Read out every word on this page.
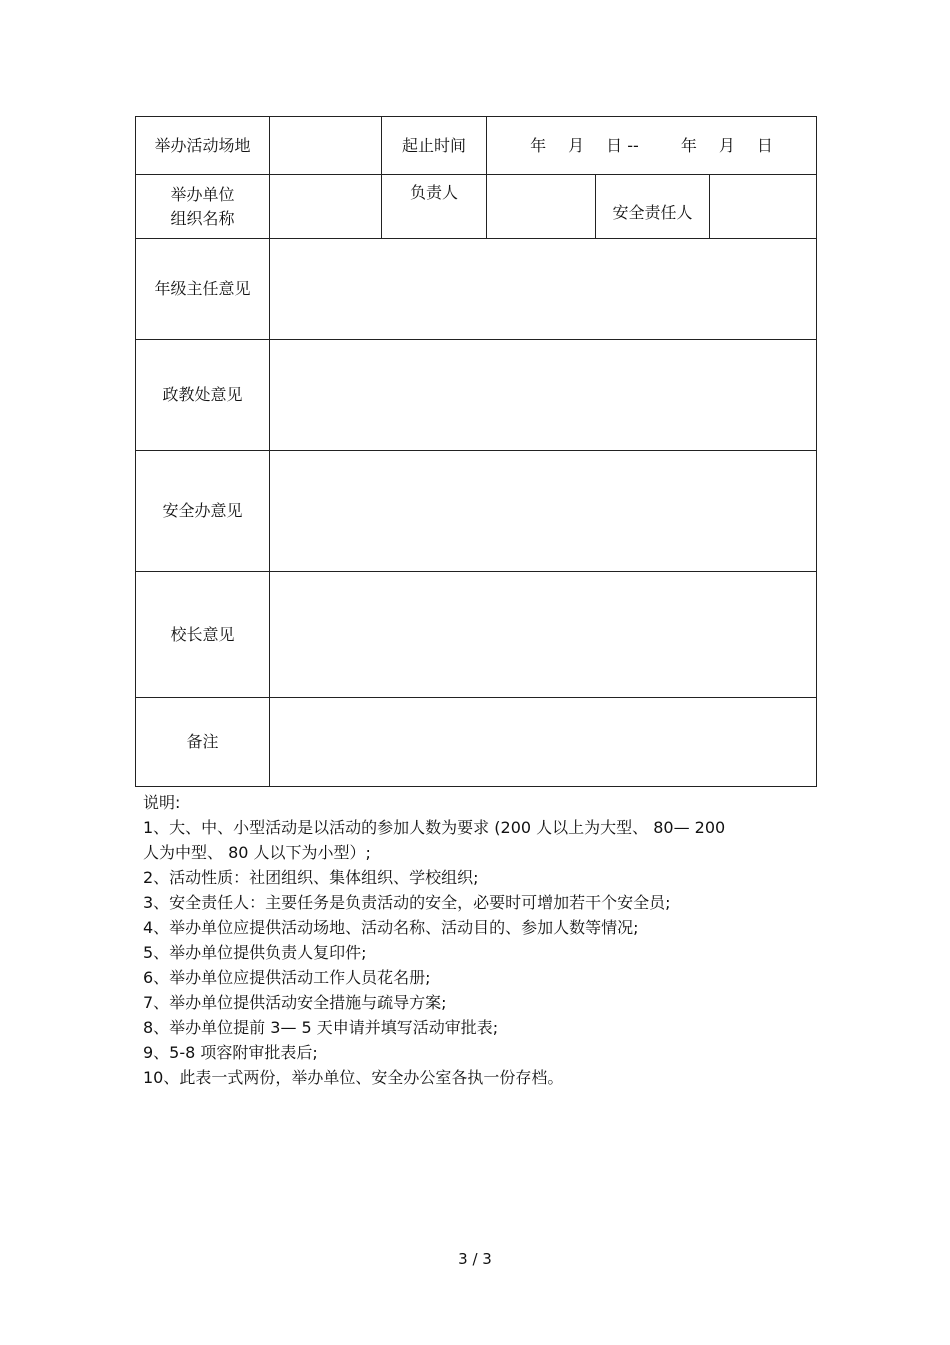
举办活动场地		起止时间	年 月 日 -- 年 月 日		

举办单位
组织名称		负责人		安全责任人	
年级主任意见					
政教处意见					
安全办意见					
校长意见					
备注					
说明:
1、大、中、小型活动是以活动的参加人数为要求 (200 人以上为大型、 80— 200
人为中型、 80 人以下为小型）;
2、活动性质：社团组织、集体组织、学校组织;
3、安全责任人：主要任务是负责活动的安全，必要时可增加若干个安全员;
4、举办单位应提供活动场地、活动名称、活动目的、参加人数等情况;
5、举办单位提供负责人复印件;
6、举办单位应提供活动工作人员花名册;
7、举办单位提供活动安全措施与疏导方案;
8、举办单位提前 3— 5 天申请并填写活动审批表;
9、5-8 项容附审批表后;
10、此表一式两份，举办单位、安全办公室各执一份存档。
3 / 3
